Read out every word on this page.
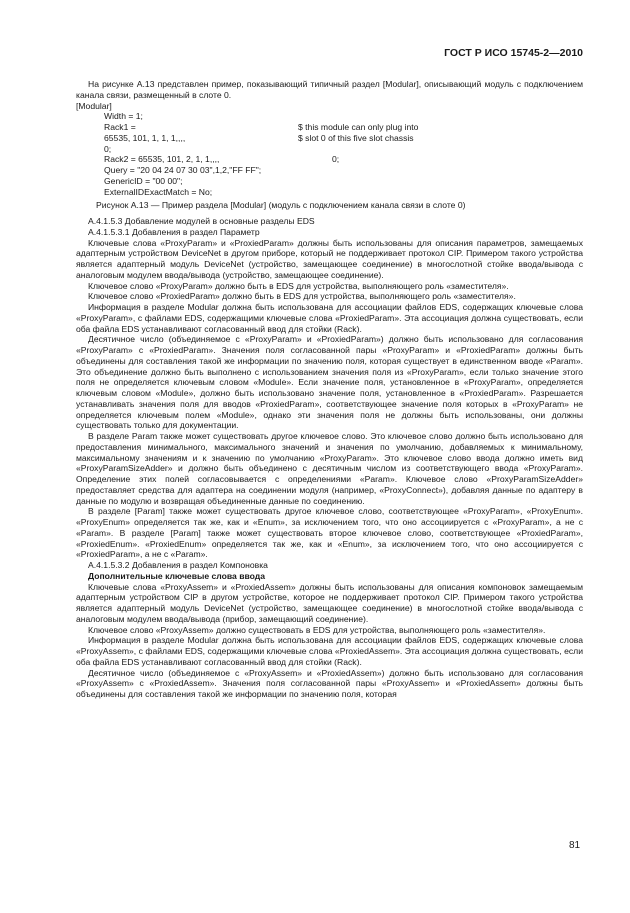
ГОСТ Р ИСО 15745-2—2010

На рисунке А.13 представлен пример, показывающий типичный раздел [Modular], описывающий модуль с подключением канала связи, размещенный в слоте 0.

[Modular]
Width = 1;
Rack1 =	$ this module can only plug into
65535, 101, 1, 1, 1,,,,	$ slot 0 of this five slot chassis
0;
Rack2 = 65535, 101, 2, 1, 1,,,,	0;
Query = "20 04 24 07 30 03",1,2,"FF FF";
GenericID = "00 00";
ExternalIDExactMatch = No;

Рисунок А.13 — Пример раздела [Modular] (модуль с подключением канала связи в слоте 0)

А.4.1.5.3 Добавление модулей в основные разделы EDS

А.4.1.5.3.1 Добавления в раздел Параметр

Ключевые слова «ProxyParam» и «ProxiedParam» должны быть использованы для описания параметров, замещаемых адаптерным устройством DeviceNet в другом приборе, который не поддерживает протокол CIP. Примером такого устройства является адаптерный модуль DeviceNet (устройство, замещающее соединение) в многослотной стойке ввода/вывода с аналоговым модулем ввода/вывода (устройство, замещающее соединение).

Ключевое слово «ProxyParam» должно быть в EDS для устройства, выполняющего роль «заместителя».

Ключевое слово «ProxiedParam» должно быть в EDS для устройства, выполняющего роль «заместителя».

Информация в разделе Modular должна быть использована для ассоциации файлов EDS, содержащих ключевые слова «ProxyParam», с файлами EDS, содержащими ключевые слова «ProxiedParam». Эта ассоциация должна существовать, если оба файла EDS устанавливают согласованный ввод для стойки (Rack).

Десятичное число (объединяемое с «ProxyParam» и «ProxiedParam») должно быть использовано для согласования «ProxyParam» с «ProxiedParam». Значения поля согласованной пары «ProxyParam» и «ProxiedParam» должны быть объединены для составления такой же информации по значению поля, которая существует в единственном вводе «Param». Это объединение должно быть выполнено с использованием значения поля из «ProxyParam», если только значение этого поля не определяется ключевым словом «Module». Если значение поля, установленное в «ProxyParam», определяется ключевым словом «Module», должно быть использовано значение поля, установленное в «ProxiedParam». Разрешается устанавливать значения поля для вводов «ProxiedParam», соответствующее значение поля которых в «ProxyParam» не определяется ключевым полем «Module», однако эти значения поля не должны быть использованы, они должны существовать только для документации.

В разделе Param также может существовать другое ключевое слово. Это ключевое слово должно быть использовано для предоставления минимального, максимального значений и значения по умолчанию, добавляемых к минимальному, максимальному значениям и к значению по умолчанию «ProxyParam». Это ключевое слово ввода должно иметь вид «ProxyParamSizeAdder» и должно быть объединено с десятичным числом из соответствующего ввода «ProxyParam». Определение этих полей согласовывается с определениями «Param». Ключевое слово «ProxyParamSizeAdder» предоставляет средства для адаптера на соединении модуля (например, «ProxyConnect»), добавляя данные по адаптеру в данные по модулю и возвращая объединенные данные по соединению.

В разделе [Param] также может существовать другое ключевое слово, соответствующее «ProxyParam», «ProxyEnum». «ProxyEnum» определяется так же, как и «Enum», за исключением того, что оно ассоциируется с «ProxyParam», а не с «Param». В разделе [Param] также может существовать второе ключевое слово, соответствующее «ProxiedParam», «ProxiedEnum». «ProxiedEnum» определяется так же, как и «Enum», за исключением того, что оно ассоциируется с «ProxiedParam», а не с «Param».

А.4.1.5.3.2 Добавления в раздел Компоновка

Дополнительные ключевые слова ввода

Ключевые слова «ProxyAssem» и «ProxiedAssem» должны быть использованы для описания компоновок замещаемым адаптерным устройством CIP в другом устройстве, которое не поддерживает протокол CIP. Примером такого устройства является адаптерный модуль DeviceNet (устройство, замещающее соединение) в многослотной стойке ввода/вывода с аналоговым модулем ввода/вывода (прибор, замещающий соединение).

Ключевое слово «ProxyAssem» должно существовать в EDS для устройства, выполняющего роль «заместителя».

Информация в разделе Modular должна быть использована для ассоциации файлов EDS, содержащих ключевые слова «ProxyAssem», с файлами EDS, содержащими ключевые слова «ProxiedAssem». Эта ассоциация должна существовать, если оба файла EDS устанавливают согласованный ввод для стойки (Rack).

Десятичное число (объединяемое с «ProxyAssem» и «ProxiedAssem») должно быть использовано для согласования «ProxyAssem» с «ProxiedAssem». Значения поля согласованной пары «ProxyAssem» и «ProxiedAssem» должны быть объединены для составления такой же информации по значению поля, которая

81
